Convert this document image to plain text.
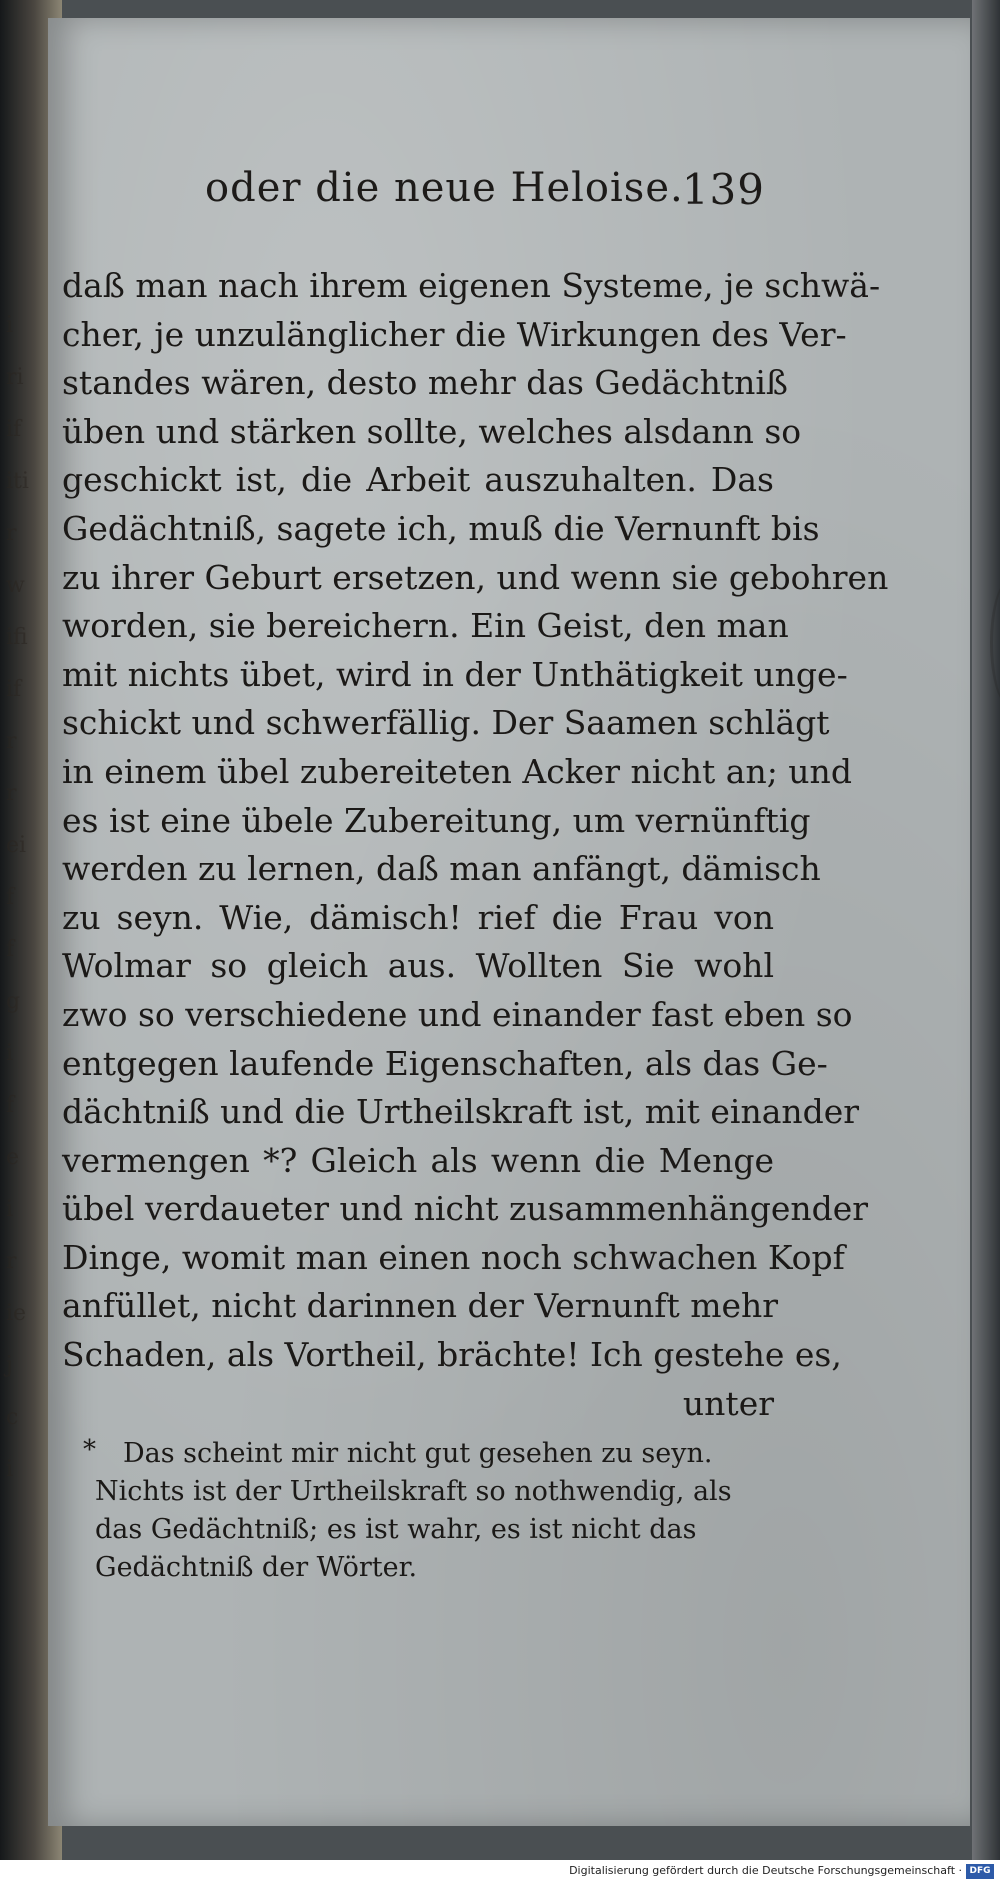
i
ri
if
iti
r
w
ifi
if
r
r
ei
f
f
g
i
f
e
i
r
ie
j
c
i
oder die neue Heloise.
139
daß man nach ihrem eigenen Systeme, je schwä-
cher, je unzulänglicher die Wirkungen des Ver-
standes wären, desto mehr das Gedächtniß
üben und stärken sollte, welches alsdann so
geschickt ist, die Arbeit auszuhalten. Das
Gedächtniß, sagete ich, muß die Vernunft bis
zu ihrer Geburt ersetzen, und wenn sie gebohren
worden, sie bereichern. Ein Geist, den man
mit nichts übet, wird in der Unthätigkeit unge-
schickt und schwerfällig. Der Saamen schlägt
in einem übel zubereiteten Acker nicht an; und
es ist eine übele Zubereitung, um vernünftig
werden zu lernen, daß man anfängt, dämisch
zu seyn. Wie, dämisch! rief die Frau von
Wolmar so gleich aus. Wollten Sie wohl
zwo so verschiedene und einander fast eben so
entgegen laufende Eigenschaften, als das Ge-
dächtniß und die Urtheilskraft ist, mit einander
vermengen *? Gleich als wenn die Menge
übel verdaueter und nicht zusammenhängender
Dinge, womit man einen noch schwachen Kopf
anfüllet, nicht darinnen der Vernunft mehr
Schaden, als Vortheil, brächte! Ich gestehe es,
unter
*	Das scheint mir nicht gut gesehen zu seyn.
Nichts ist der Urtheilskraft so nothwendig, als
das Gedächtniß; es ist wahr, es ist nicht das
Gedächtniß der Wörter.
Digitalisierung gefördert durch die Deutsche Forschungsgemeinschaft · DFG
